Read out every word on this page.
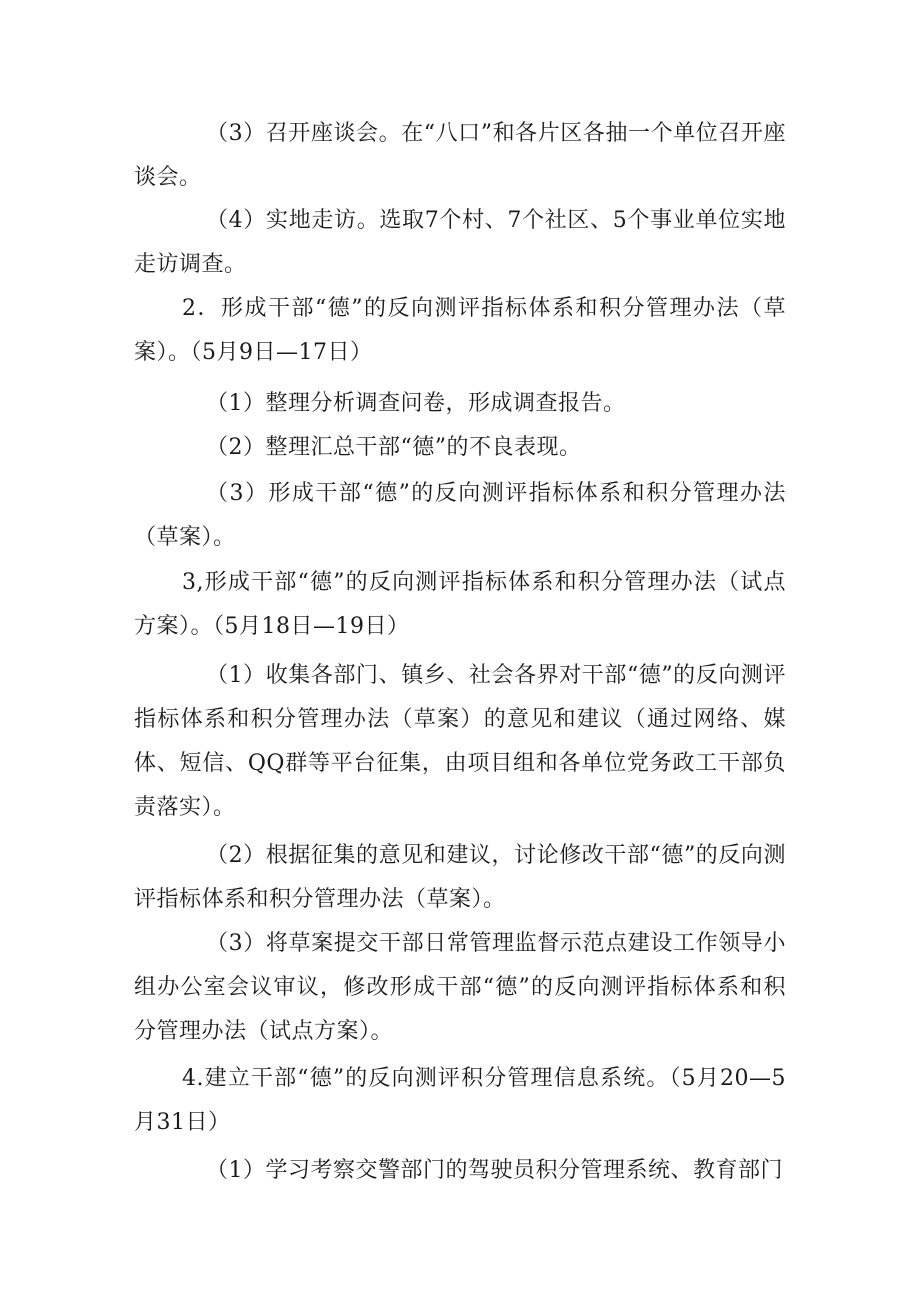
（3）召开座谈会。在“八口”和各片区各抽一个单位召开座谈会。

（4）实地走访。选取7个村、7个社区、5个事业单位实地走访调查。

2．形成干部“德”的反向测评指标体系和积分管理办法（草案）。（5月9日—17日）

（1）整理分析调查问卷，形成调查报告。

（2）整理汇总干部“德”的不良表现。

（3）形成干部“德”的反向测评指标体系和积分管理办法（草案）。

3,形成干部“德”的反向测评指标体系和积分管理办法（试点方案）。（5月18日—19日）

（1）收集各部门、镇乡、社会各界对干部“德”的反向测评指标体系和积分管理办法（草案）的意见和建议（通过网络、媒体、短信、QQ群等平台征集，由项目组和各单位党务政工干部负责落实）。

（2）根据征集的意见和建议，讨论修改干部“德”的反向测评指标体系和积分管理办法（草案）。

（3）将草案提交干部日常管理监督示范点建设工作领导小组办公室会议审议，修改形成干部“德”的反向测评指标体系和积分管理办法（试点方案）。

4.建立干部“德”的反向测评积分管理信息系统。（5月20—5月31日）

（1）学习考察交警部门的驾驶员积分管理系统、教育部门
